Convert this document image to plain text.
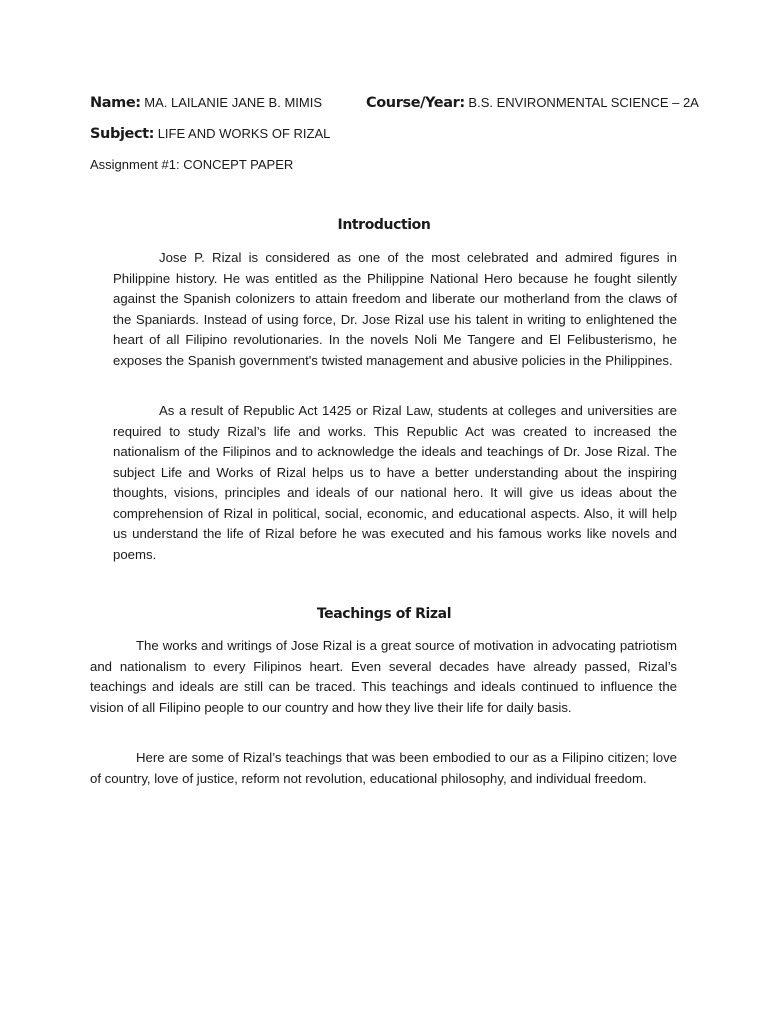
Name: MA. LAILANIE JANE B. MIMIS	Course/Year: B.S. ENVIRONMENTAL SCIENCE – 2A
Subject: LIFE AND WORKS OF RIZAL
Assignment #1: CONCEPT PAPER
Introduction

Jose P. Rizal is considered as one of the most celebrated and admired figures in Philippine history. He was entitled as the Philippine National Hero because he fought silently against the Spanish colonizers to attain freedom and liberate our motherland from the claws of the Spaniards. Instead of using force, Dr. Jose Rizal use his talent in writing to enlightened the heart of all Filipino revolutionaries. In the novels Noli Me Tangere and El Felibusterismo, he exposes the Spanish government's twisted management and abusive policies in the Philippines.

As a result of Republic Act 1425 or Rizal Law, students at colleges and universities are required to study Rizal’s life and works. This Republic Act was created to increased the nationalism of the Filipinos and to acknowledge the ideals and teachings of Dr. Jose Rizal. The subject Life and Works of Rizal helps us to have a better understanding about the inspiring thoughts, visions, principles and ideals of our national hero. It will give us ideas about the comprehension of Rizal in political, social, economic, and educational aspects. Also, it will help us understand the life of Rizal before he was executed and his famous works like novels and poems.

Teachings of Rizal

The works and writings of Jose Rizal is a great source of motivation in advocating patriotism and nationalism to every Filipinos heart. Even several decades have already passed, Rizal’s teachings and ideals are still can be traced. This teachings and ideals continued to influence the vision of all Filipino people to our country and how they live their life for daily basis.

Here are some of Rizal’s teachings that was been embodied to our as a Filipino citizen; love of country, love of justice, reform not revolution, educational philosophy, and individual freedom.
